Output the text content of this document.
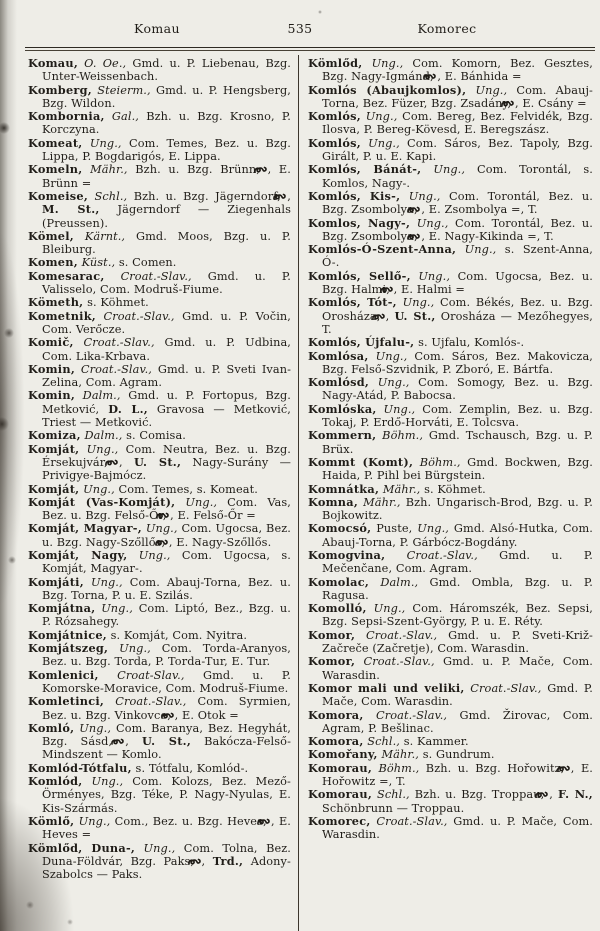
Komau	535	Komorec

Komau, O. Oe., Gmd. u. P. Liebenau, Bzg. Unter-Weissenbach.

Komberg, Steierm., Gmd. u. P. Hengsberg, Bzg. Wildon.

Kombornia, Gal., Bzh. u. Bzg. Krosno, P. Korczyna.

Komeat, Ung., Com. Temes, Bez. u. Bzg. Lippa, P. Bogdarigós, E. Lippa.

Komeln, Mähr., Bzh. u. Bzg. Brünn, , E. Brünn =

Komeise, Schl., Bzh. u. Bzg. Jägerndorf, , M. St., Jägerndorf — Ziegenhals (Preussen).

Kömel, Kärnt., Gmd. Moos, Bzg. u. P. Bleiburg.

Komen, Küst., s. Comen.

Komesarac, Croat.-Slav., Gmd. u. P. Valisselo, Com. Modruš-Fiume.

Kömeth, s. Köhmet.

Kometnik, Croat.-Slav., Gmd. u. P. Vočin, Com. Verőcze.

Komič, Croat.-Slav., Gmd. u. P. Udbina, Com. Lika-Krbava.

Komin, Croat.-Slav., Gmd. u. P. Sveti Ivan-Zelina, Com. Agram.

Komin, Dalm., Gmd. u. P. Fortopus, Bzg. Metković, D. L., Gravosa — Metković, Triest — Metković.

Komiza, Dalm., s. Comisa.

Komját, Ung., Com. Neutra, Bez. u. Bzg. Érsekujvár, , U. St., Nagy-Surány — Privigye-Bajmócz.

Komját, Ung., Com. Temes, s. Komeat.

Komját (Vas-Komját), Ung., Com. Vas, Bez. u. Bzg. Felső-Őr, , E. Felső-Őr =

Komját, Magyar-, Ung., Com. Ugocsa, Bez. u. Bzg. Nagy-Szőllős, , E. Nagy-Szőllős.

Komját, Nagy, Ung., Com. Ugocsa, s. Komját, Magyar-.

Komjáti, Ung., Com. Abauj-Torna, Bez. u. Bzg. Torna, P. u. E. Szilás.

Komjátna, Ung., Com. Liptó, Bez., Bzg. u. P. Rózsahegy.

Komjátnice, s. Komját, Com. Nyitra.

Komjátszeg, Ung., Com. Torda-Aranyos, Bez. u. Bzg. Torda, P. Torda-Tur, E. Tur.

Komlenici, Croat-Slav., Gmd. u. P. Komorske-Moravice, Com. Modruš-Fiume.

Komletinci, Croat.-Slav., Com. Syrmien, Bez. u. Bzg. Vinkovce, , E. Otok =

Komló, Ung., Com. Baranya, Bez. Hegyhát, Bzg. Sásd, , U. St., Bakócza-Felső-Mindszent — Komlo.

Komlód-Tótfalu, s. Tótfalu, Komlód-.

Komlód, Ung., Com. Kolozs, Bez. Mező-Örményes, Bzg. Téke, P. Nagy-Nyulas, E. Kis-Szármás.

Kömlő, Ung., Com., Bez. u. Bzg. Heves, , E. Heves =

Kömlőd, Duna-, Ung., Com. Tolna, Bez. Duna-Földvár, Bzg. Paks, , Trd., Adony-Szabolcs — Paks.

Kömlőd, Ung., Com. Komorn, Bez. Gesztes, Bzg. Nagy-Igmánd, , E. Bánhida =

Komlós (Abaujkomlos), Ung., Com. Abauj-Torna, Bez. Füzer, Bzg. Zsadány, , E. Csány =

Komlós, Ung., Com. Bereg, Bez. Felvidék, Bzg. Ilosva, P. Bereg-Kövesd, E. Beregszász.

Komlós, Ung., Com. Sáros, Bez. Tapoly, Bzg. Girált, P. u. E. Kapi.

Komlós, Bánát-, Ung., Com. Torontál, s. Komlos, Nagy-.

Komlós, Kis-, Ung., Com. Torontál, Bez. u. Bzg. Zsombolya, , E. Zsombolya =, T.

Komlos, Nagy-, Ung., Com. Torontál, Bez. u. Bzg. Zsombolya, , E. Nagy-Kikinda =, T.

Komlós-Ó-Szent-Anna, Ung., s. Szent-Anna, Ó-.

Komlós, Sellő-, Ung., Com. Ugocsa, Bez. u. Bzg. Halmi, , E. Halmi =

Komlós, Tót-, Ung., Com. Békés, Bez. u. Bzg. Orosháza, , U. St., Orosháza — Mezőhegyes, T.

Komlós, Újfalu-, s. Ujfalu, Komlós-.

Komlósa, Ung., Com. Sáros, Bez. Makovicza, Bzg. Felső-Szvidnik, P. Zboró, E. Bártfa.

Komlósd, Ung., Com. Somogy, Bez. u. Bzg. Nagy-Atád, P. Babocsa.

Komlóska, Ung., Com. Zemplin, Bez. u. Bzg. Tokaj, P. Erdő-Horváti, E. Tolcsva.

Kommern, Böhm., Gmd. Tschausch, Bzg. u. P. Brüx.

Kommt (Komt), Böhm., Gmd. Bockwen, Bzg. Haida, P. Pihl bei Bürgstein.

Komnátka, Mähr., s. Köhmet.

Komna, Mähr., Bzh. Ungarisch-Brod, Bzg. u. P. Bojkowitz.

Komocsó, Puste, Ung., Gmd. Alsó-Hutka, Com. Abauj-Torna, P. Gárbócz-Bogdány.

Komogvina, Croat.-Slav., Gmd. u. P. Mečenčane, Com. Agram.

Komolac, Dalm., Gmd. Ombla, Bzg. u. P. Ragusa.

Komolló, Ung., Com. Háromszék, Bez. Sepsi, Bzg. Sepsi-Szent-György, P. u. E. Réty.

Komor, Croat.-Slav., Gmd. u. P. Sveti-Križ-Začreče (Začretje), Com. Warasdin.

Komor, Croat.-Slav., Gmd. u. P. Mače, Com. Warasdin.

Komor mali und veliki, Croat.-Slav., Gmd. P. Mače, Com. Warasdin.

Komora, Croat.-Slav., Gmd. Žirovac, Com. Agram, P. Bešlinac.

Komora, Schl., s. Kammer.

Komořany, Mähr., s. Gundrum.

Komorau, Böhm., Bzh. u. Bzg. Hořowitz, , E. Hořowitz =, T.

Komorau, Schl., Bzh. u. Bzg. Troppau, , F. N., Schönbrunn — Troppau.

Komorec, Croat.-Slav., Gmd. u. P. Mače, Com. Warasdin.
